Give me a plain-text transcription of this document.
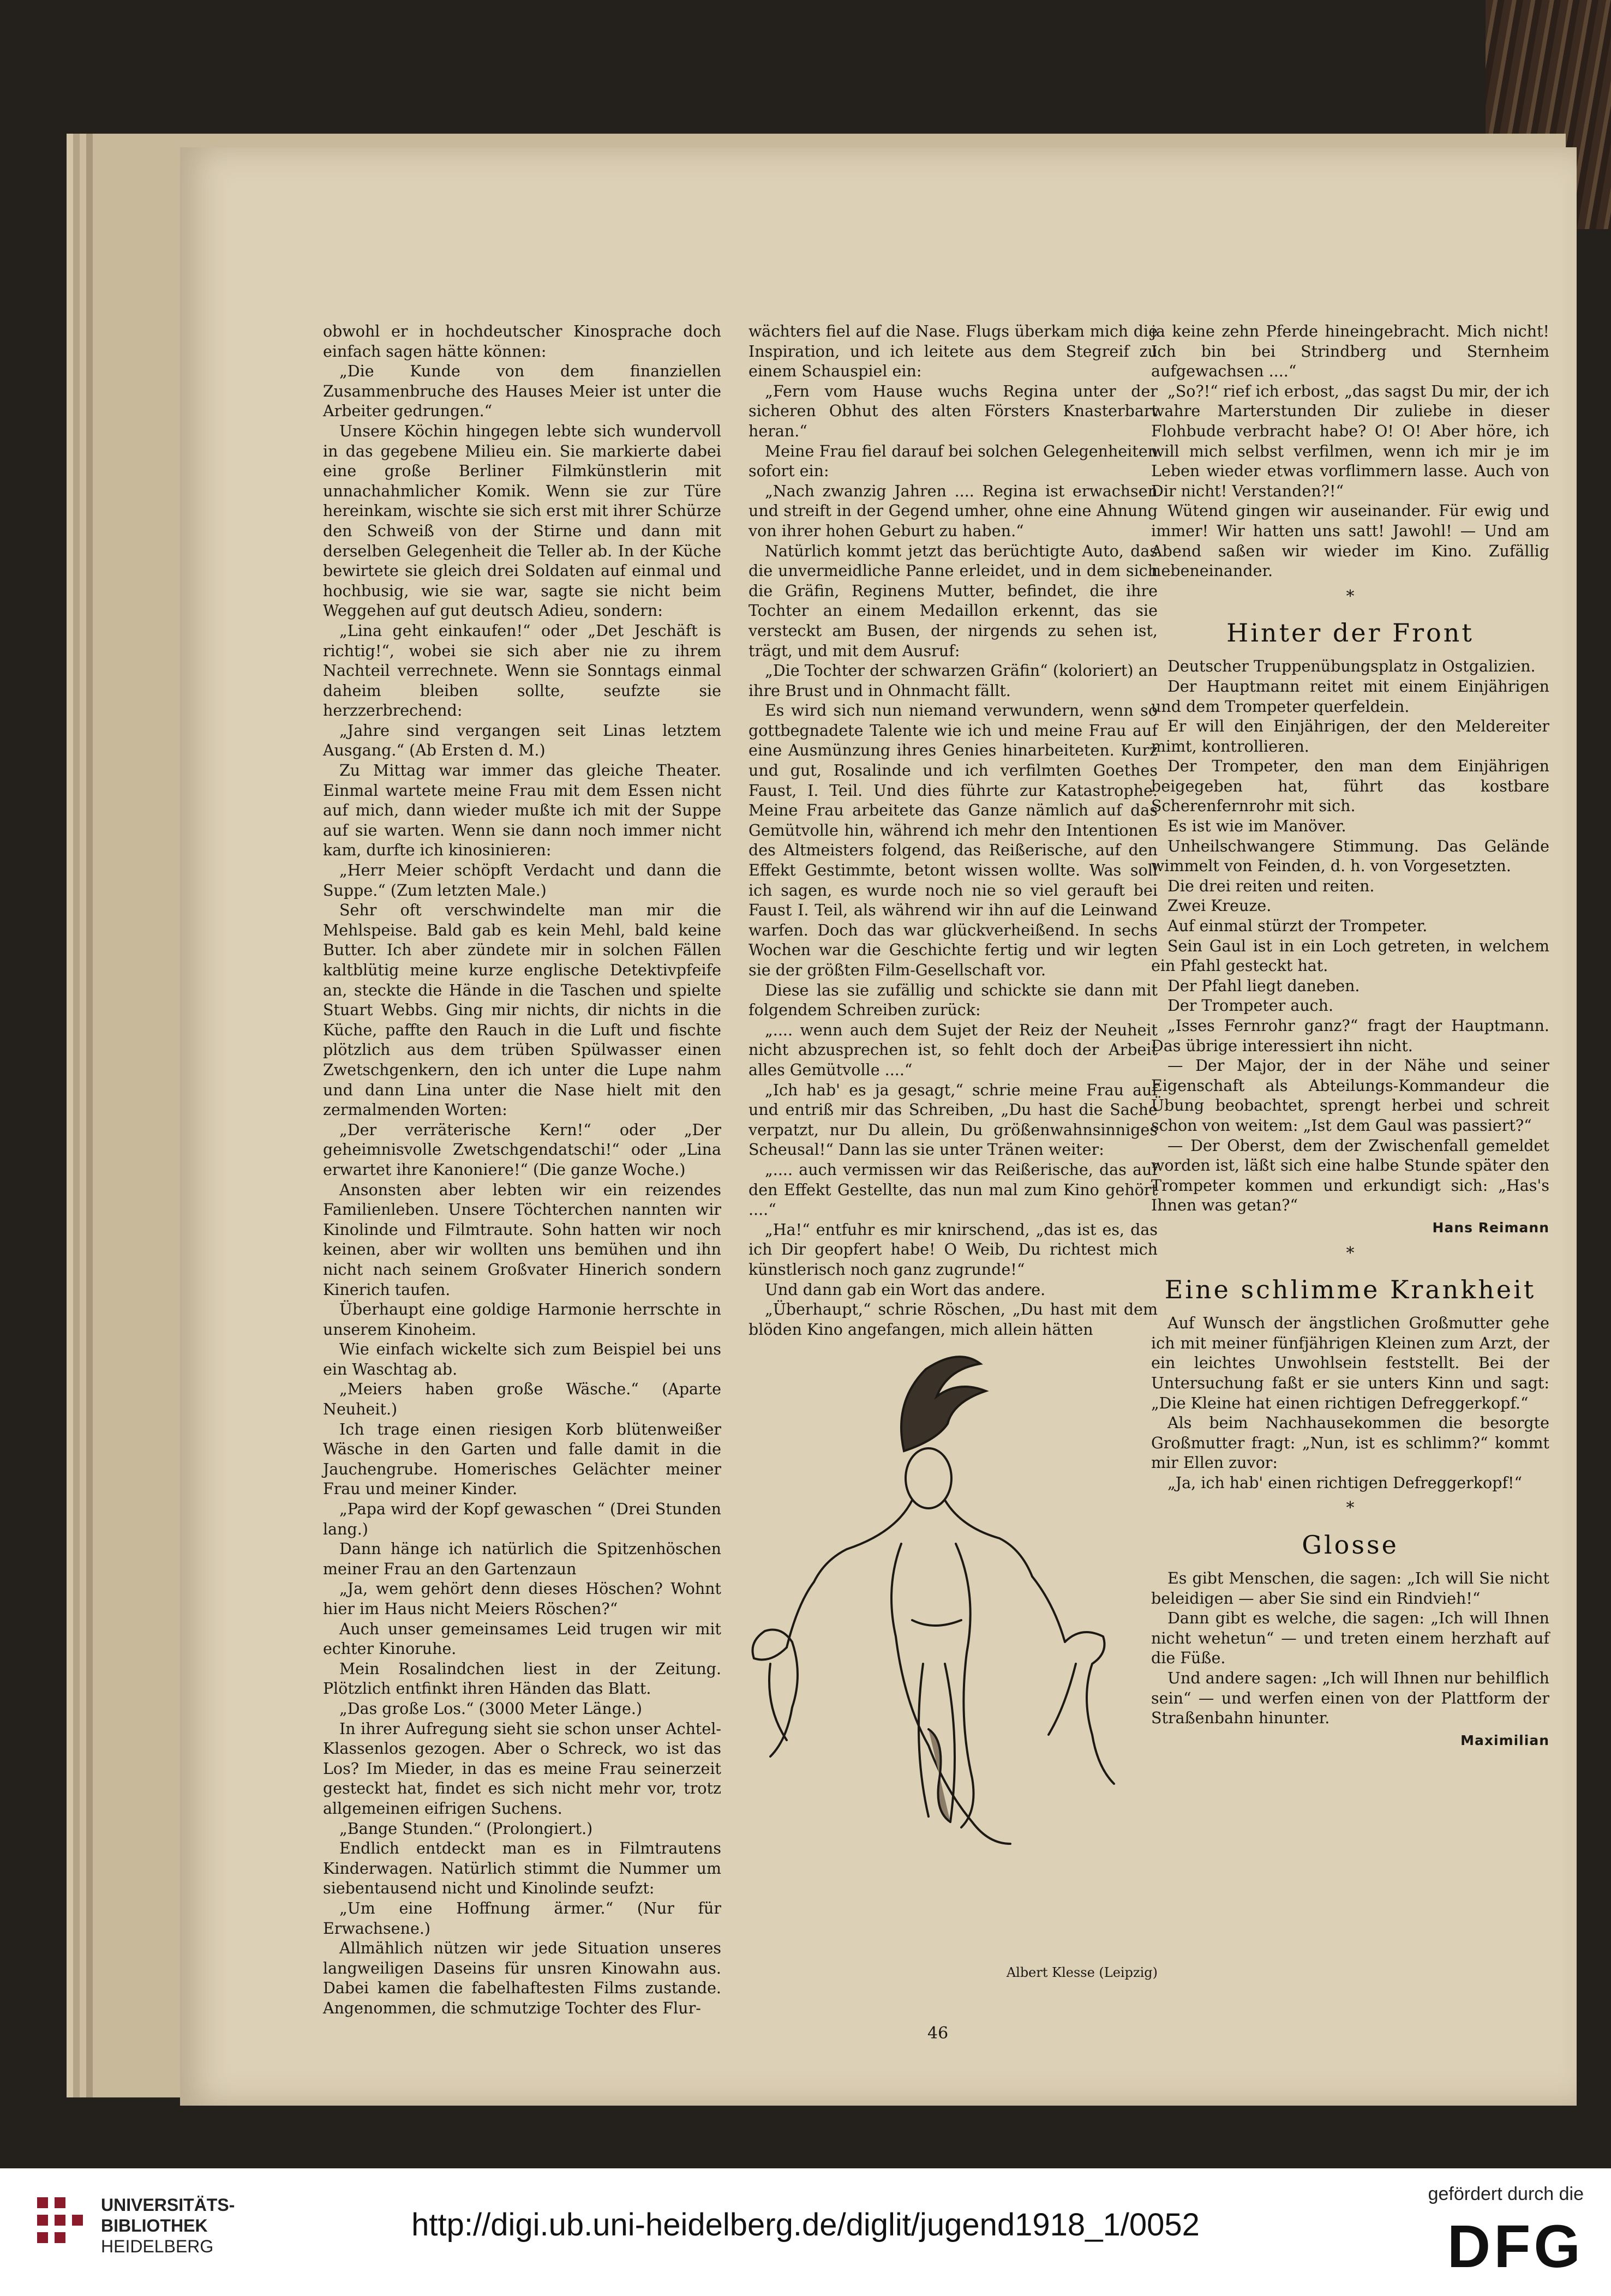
obwohl er in hochdeutscher Kinosprache doch einfach sagen hätte können:

„Die Kunde von dem finanziellen Zusammenbruche des Hauses Meier ist unter die Arbeiter gedrungen.“

Unsere Köchin hingegen lebte sich wundervoll in das gegebene Milieu ein. Sie markierte dabei eine große Berliner Filmkünstlerin mit unnachahmlicher Komik. Wenn sie zur Türe hereinkam, wischte sie sich erst mit ihrer Schürze den Schweiß von der Stirne und dann mit derselben Gelegenheit die Teller ab. In der Küche bewirtete sie gleich drei Soldaten auf einmal und hochbusig, wie sie war, sagte sie nicht beim Weggehen auf gut deutsch Adieu, sondern:

„Lina geht einkaufen!“ oder „Det Jeschäft is richtig!“, wobei sie sich aber nie zu ihrem Nachteil verrechnete. Wenn sie Sonntags einmal daheim bleiben sollte, seufzte sie herzzerbrechend:

„Jahre sind vergangen seit Linas letztem Ausgang.“ (Ab Ersten d. M.)

Zu Mittag war immer das gleiche Theater. Einmal wartete meine Frau mit dem Essen nicht auf mich, dann wieder mußte ich mit der Suppe auf sie warten. Wenn sie dann noch immer nicht kam, durfte ich kinosinieren:

„Herr Meier schöpft Verdacht und dann die Suppe.“ (Zum letzten Male.)

Sehr oft verschwindelte man mir die Mehlspeise. Bald gab es kein Mehl, bald keine Butter. Ich aber zündete mir in solchen Fällen kaltblütig meine kurze englische Detektivpfeife an, steckte die Hände in die Taschen und spielte Stuart Webbs. Ging mir nichts, dir nichts in die Küche, paffte den Rauch in die Luft und fischte plötzlich aus dem trüben Spülwasser einen Zwetschgenkern, den ich unter die Lupe nahm und dann Lina unter die Nase hielt mit den zermalmenden Worten:

„Der verräterische Kern!“ oder „Der geheimnisvolle Zwetschgendatschi!“ oder „Lina erwartet ihre Kanoniere!“ (Die ganze Woche.)

Ansonsten aber lebten wir ein reizendes Familienleben. Unsere Töchterchen nannten wir Kinolinde und Filmtraute. Sohn hatten wir noch keinen, aber wir wollten uns bemühen und ihn nicht nach seinem Großvater Hinerich sondern Kinerich taufen.

Überhaupt eine goldige Harmonie herrschte in unserem Kinoheim.

Wie einfach wickelte sich zum Beispiel bei uns ein Waschtag ab.

„Meiers haben große Wäsche.“ (Aparte Neuheit.)

Ich trage einen riesigen Korb blütenweißer Wäsche in den Garten und falle damit in die Jauchengrube. Homerisches Gelächter meiner Frau und meiner Kinder.

„Papa wird der Kopf gewaschen “ (Drei Stunden lang.)

Dann hänge ich natürlich die Spitzenhöschen meiner Frau an den Gartenzaun

„Ja, wem gehört denn dieses Höschen? Wohnt hier im Haus nicht Meiers Röschen?“

Auch unser gemeinsames Leid trugen wir mit echter Kinoruhe.

Mein Rosalindchen liest in der Zeitung. Plötzlich entfinkt ihren Händen das Blatt.

„Das große Los.“ (3000 Meter Länge.)

In ihrer Aufregung sieht sie schon unser Achtel-Klassenlos gezogen. Aber o Schreck, wo ist das Los? Im Mieder, in das es meine Frau seinerzeit gesteckt hat, findet es sich nicht mehr vor, trotz allgemeinen eifrigen Suchens.

„Bange Stunden.“ (Prolongiert.)

Endlich entdeckt man es in Filmtrautens Kinderwagen. Natürlich stimmt die Nummer um siebentausend nicht und Kinolinde seufzt:

„Um eine Hoffnung ärmer.“ (Nur für Erwachsene.)

Allmählich nützen wir jede Situation unseres langweiligen Daseins für unsren Kinowahn aus. Dabei kamen die fabelhaftesten Films zustande. Angenommen, die schmutzige Tochter des Flur-

wächters fiel auf die Nase. Flugs überkam mich die Inspiration, und ich leitete aus dem Stegreif zu einem Schauspiel ein:

„Fern vom Hause wuchs Regina unter der sicheren Obhut des alten Försters Knasterbart heran.“

Meine Frau fiel darauf bei solchen Gelegenheiten sofort ein:

„Nach zwanzig Jahren .... Regina ist erwachsen und streift in der Gegend umher, ohne eine Ahnung von ihrer hohen Geburt zu haben.“

Natürlich kommt jetzt das berüchtigte Auto, das die unvermeidliche Panne erleidet, und in dem sich die Gräfin, Reginens Mutter, befindet, die ihre Tochter an einem Medaillon erkennt, das sie versteckt am Busen, der nirgends zu sehen ist, trägt, und mit dem Ausruf:

„Die Tochter der schwarzen Gräfin“ (koloriert) an ihre Brust und in Ohnmacht fällt.

Es wird sich nun niemand verwundern, wenn so gottbegnadete Talente wie ich und meine Frau auf eine Ausmünzung ihres Genies hinarbeiteten. Kurz und gut, Rosalinde und ich verfilmten Goethes Faust, I. Teil. Und dies führte zur Katastrophe. Meine Frau arbeitete das Ganze nämlich auf das Gemütvolle hin, während ich mehr den Intentionen des Altmeisters folgend, das Reißerische, auf den Effekt Gestimmte, betont wissen wollte. Was soll ich sagen, es wurde noch nie so viel gerauft bei Faust I. Teil, als während wir ihn auf die Leinwand warfen. Doch das war glückverheißend. In sechs Wochen war die Geschichte fertig und wir legten sie der größten Film-Gesellschaft vor.

Diese las sie zufällig und schickte sie dann mit folgendem Schreiben zurück:

„.... wenn auch dem Sujet der Reiz der Neuheit nicht abzusprechen ist, so fehlt doch der Arbeit alles Gemütvolle ....“

„Ich hab' es ja gesagt,“ schrie meine Frau auf und entriß mir das Schreiben, „Du hast die Sache verpatzt, nur Du allein, Du größenwahnsinniges Scheusal!“ Dann las sie unter Tränen weiter:

„.... auch vermissen wir das Reißerische, das auf den Effekt Gestellte, das nun mal zum Kino gehört ....“

„Ha!“ entfuhr es mir knirschend, „das ist es, das ich Dir geopfert habe! O Weib, Du richtest mich künstlerisch noch ganz zugrunde!“

Und dann gab ein Wort das andere.

„Überhaupt,“ schrie Röschen, „Du hast mit dem blöden Kino angefangen, mich allein hätten

Albert Klesse (Leipzig)

ja keine zehn Pferde hineingebracht. Mich nicht! Ich bin bei Strindberg und Sternheim aufgewachsen ....“

„So?!“ rief ich erbost, „das sagst Du mir, der ich wahre Marterstunden Dir zuliebe in dieser Flohbude verbracht habe? O! O! Aber höre, ich will mich selbst verfilmen, wenn ich mir je im Leben wieder etwas vorflimmern lasse. Auch von Dir nicht! Verstanden?!“

Wütend gingen wir auseinander. Für ewig und immer! Wir hatten uns satt! Jawohl! — Und am Abend saßen wir wieder im Kino. Zufällig nebeneinander.

*
Hinter der Front

Deutscher Truppenübungsplatz in Ostgalizien.

Der Hauptmann reitet mit einem Einjährigen und dem Trompeter querfeldein.

Er will den Einjährigen, der den Meldereiter mimt, kontrollieren.

Der Trompeter, den man dem Einjährigen beigegeben hat, führt das kostbare Scherenfernrohr mit sich.

Es ist wie im Manöver.

Unheilschwangere Stimmung. Das Gelände wimmelt von Feinden, d. h. von Vorgesetzten.

Die drei reiten und reiten.

Zwei Kreuze.

Auf einmal stürzt der Trompeter.

Sein Gaul ist in ein Loch getreten, in welchem ein Pfahl gesteckt hat.

Der Pfahl liegt daneben.

Der Trompeter auch.

„Isses Fernrohr ganz?“ fragt der Hauptmann. Das übrige interessiert ihn nicht.

— Der Major, der in der Nähe und seiner Eigenschaft als Abteilungs-Kommandeur die Übung beobachtet, sprengt herbei und schreit schon von weitem: „Ist dem Gaul was passiert?“

— Der Oberst, dem der Zwischenfall gemeldet worden ist, läßt sich eine halbe Stunde später den Trompeter kommen und erkundigt sich: „Has's Ihnen was getan?“

Hans Reimann
*
Eine schlimme Krankheit

Auf Wunsch der ängstlichen Großmutter gehe ich mit meiner fünfjährigen Kleinen zum Arzt, der ein leichtes Unwohlsein feststellt. Bei der Untersuchung faßt er sie unters Kinn und sagt: „Die Kleine hat einen richtigen Defreggerkopf.“

Als beim Nachhausekommen die besorgte Großmutter fragt: „Nun, ist es schlimm?“ kommt mir Ellen zuvor:

„Ja, ich hab' einen richtigen Defreggerkopf!“

*
Glosse

Es gibt Menschen, die sagen: „Ich will Sie nicht beleidigen — aber Sie sind ein Rindvieh!“

Dann gibt es welche, die sagen: „Ich will Ihnen nicht wehetun“ — und treten einem herzhaft auf die Füße.

Und andere sagen: „Ich will Ihnen nur behilflich sein“ — und werfen einen von der Plattform der Straßenbahn hinunter.

Maximilian
46
UNIVERSITÄTS-
BIBLIOTHEK
HEIDELBERG
http://digi.ub.uni-heidelberg.de/diglit/jugend1918_1/0052
gefördert durch die
DFG
